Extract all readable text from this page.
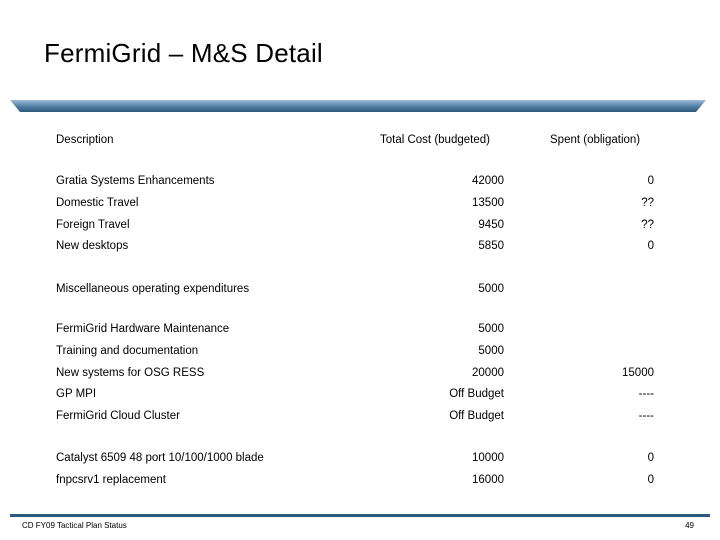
FermiGrid – M&S Detail
Description	Total Cost (budgeted)	Spent (obligation)
Gratia Systems Enhancements	42000	0
Domestic Travel	13500	??
Foreign Travel	9450	??
New desktops	5850	0
Miscellaneous operating expenditures	5000
FermiGrid Hardware Maintenance	5000
Training and documentation	5000
New systems for OSG RESS	20000	15000
GP MPI	Off Budget	----
FermiGrid Cloud Cluster	Off Budget	----
Catalyst 6509 48 port 10/100/1000 blade	10000	0
fnpcsrv1 replacement	16000	0
CD FY09 Tactical Plan Status	49
